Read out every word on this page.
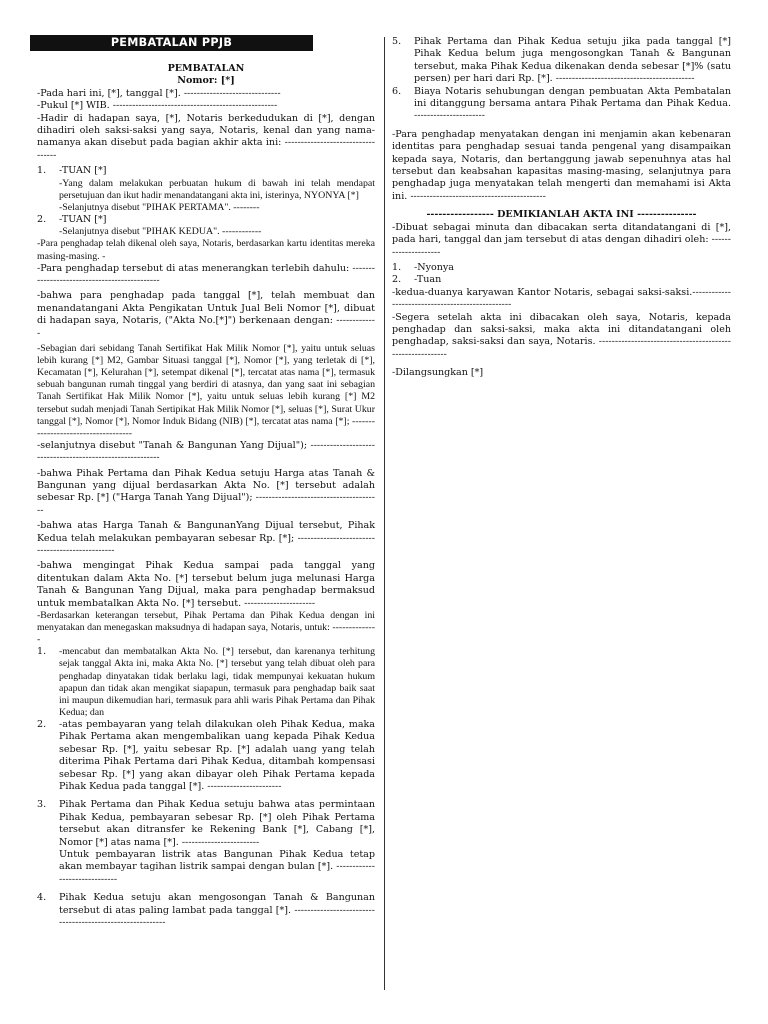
PEMBATALAN PPJB

PEMBATALAN

Nomor: [*]

-Pada hari ini, [*], tanggal [*]. ------------------------------

-Pukul [*] WIB. ---------------------------------------------------

-Hadir di hadapan saya, [*], Notaris berkedudukan di [*], dengan dihadiri oleh saksi-saksi yang saya, Notaris, kenal dan yang nama-namanya akan disebut pada bagian akhir akta ini: ----------------------------------

1.	-TUAN [*]

-Yang dalam melakukan perbuatan hukum di bawah ini telah mendapat persetujuan dan ikut hadir menandatangani akta ini, isterinya, NYONYA [*]

-Selanjutnya disebut "PIHAK PERTAMA". --------

2.	-TUAN [*]

-Selanjutnya disebut "PIHAK KEDUA". ------------

-Para penghadap telah dikenal oleh saya, Notaris, berdasarkan kartu identitas mereka masing-masing. -

-Para penghadap tersebut di atas menerangkan terlebih dahulu: ---------------------------------------------

-bahwa para penghadap pada tanggal [*], telah membuat dan menandatangani Akta Pengikatan Untuk Jual Beli Nomor [*], dibuat di hadapan saya, Notaris, ("Akta No.[*]") berkenaan dengan: -------------

-Sebagian dari sebidang Tanah Sertifikat Hak Milik Nomor [*], yaitu untuk seluas lebih kurang [*] M2, Gambar Situasi tanggal [*], Nomor [*], yang terletak di [*], Kecamatan [*], Kelurahan [*], setempat dikenal [*], tercatat atas nama [*], termasuk sebuah bangunan rumah tinggal yang berdiri di atasnya, dan yang saat ini sebagian Tanah Sertifikat Hak Milik Nomor [*], yaitu untuk seluas lebih kurang [*] M2 tersebut sudah menjadi Tanah Sertipikat Hak Milik Nomor [*], seluas [*], Surat Ukur tanggal [*], Nomor [*], Nomor Induk Bidang (NIB) [*], tercatat atas nama [*]; ------------------------------------

-selanjutnya disebut "Tanah & Bangunan Yang Dijual"); ----------------------------------------------------------

-bahwa Pihak Pertama dan Pihak Kedua setuju Harga atas Tanah & Bangunan yang dijual berdasarkan Akta No. [*] tersebut adalah sebesar Rp. [*] ("Harga Tanah Yang Dijual"); ---------------------------------------

-bahwa atas Harga Tanah & BangunanYang Dijual tersebut, Pihak Kedua telah melakukan pembayaran sebesar Rp. [*]; ------------------------------------------------

-bahwa mengingat Pihak Kedua sampai pada tanggal yang ditentukan dalam Akta No. [*] tersebut belum juga melunasi Harga Tanah & Bangunan Yang Dijual, maka para penghadap bermaksud untuk membatalkan Akta No. [*] tersebut. ----------------------

-Berdasarkan keterangan tersebut, Pihak Pertama dan Pihak Kedua dengan ini menyatakan dan menegaskan maksudnya di hadapan saya, Notaris, untuk: --------------

1.	-mencabut dan membatalkan Akta No. [*] tersebut, dan karenanya terhitung sejak tanggal Akta ini, maka Akta No. [*] tersebut yang telah dibuat oleh para penghadap dinyatakan tidak berlaku lagi, tidak mempunyai kekuatan hukum apapun dan tidak akan mengikat siapapun, termasuk para penghadap baik saat ini maupun dikemudian hari, termasuk para ahli waris Pihak Pertama dan Pihak Kedua; dan

2.	-atas pembayaran yang telah dilakukan oleh Pihak Kedua, maka Pihak Pertama akan mengembalikan uang kepada Pihak Kedua sebesar Rp. [*], yaitu sebesar Rp. [*] adalah uang yang telah diterima Pihak Pertama dari Pihak Kedua, ditambah kompensasi sebesar Rp. [*] yang akan dibayar oleh Pihak Pertama kepada Pihak Kedua pada tanggal [*]. -----------------------

3.	Pihak Pertama dan Pihak Kedua setuju bahwa atas permintaan Pihak Kedua, pembayaran sebesar Rp. [*] oleh Pihak Pertama tersebut akan ditransfer ke Rekening Bank [*], Cabang [*], Nomor [*] atas nama [*]. ------------------------

Untuk pembayaran listrik atas Bangunan Pihak Kedua tetap akan membayar tagihan listrik sampai dengan bulan [*]. ------------------------------

4.	Pihak Kedua setuju akan mengosongan Tanah & Bangunan tersebut di atas paling lambat pada tanggal [*]. ----------------------------------------------------------

5.	Pihak Pertama dan Pihak Kedua setuju jika pada tanggal [*] Pihak Kedua belum juga mengosongkan Tanah & Bangunan tersebut, maka Pihak Kedua dikenakan denda sebesar [*]% (satu persen) per hari dari Rp. [*]. -------------------------------------------

6.	Biaya Notaris sehubungan dengan pembuatan Akta Pembatalan ini ditanggung bersama antara Pihak Pertama dan Pihak Kedua. ----------------------

-Para penghadap menyatakan dengan ini menjamin akan kebenaran identitas para penghadap sesuai tanda pengenal yang disampaikan kepada saya, Notaris, dan bertanggung jawab sepenuhnya atas hal tersebut dan keabsahan kapasitas masing-masing, selanjutnya para penghadap juga menyatakan telah mengerti dan memahami isi Akta ini. ------------------------------------------

----------------- DEMIKIANLAH AKTA INI ---------------

-Dibuat sebagai minuta dan dibacakan serta ditandatangani di [*], pada hari, tanggal dan jam tersebut di atas dengan dihadiri oleh: ---------------------

1.	-Nyonya

2.	-Tuan

-kedua-duanya karyawan Kantor Notaris, sebagai saksi-saksi.-------------------------------------------------

-Segera setelah akta ini dibacakan oleh saya, Notaris, kepada penghadap dan saksi-saksi, maka akta ini ditandatangani oleh penghadap, saksi-saksi dan saya, Notaris. ----------------------------------------------------------

-Dilangsungkan [*]
